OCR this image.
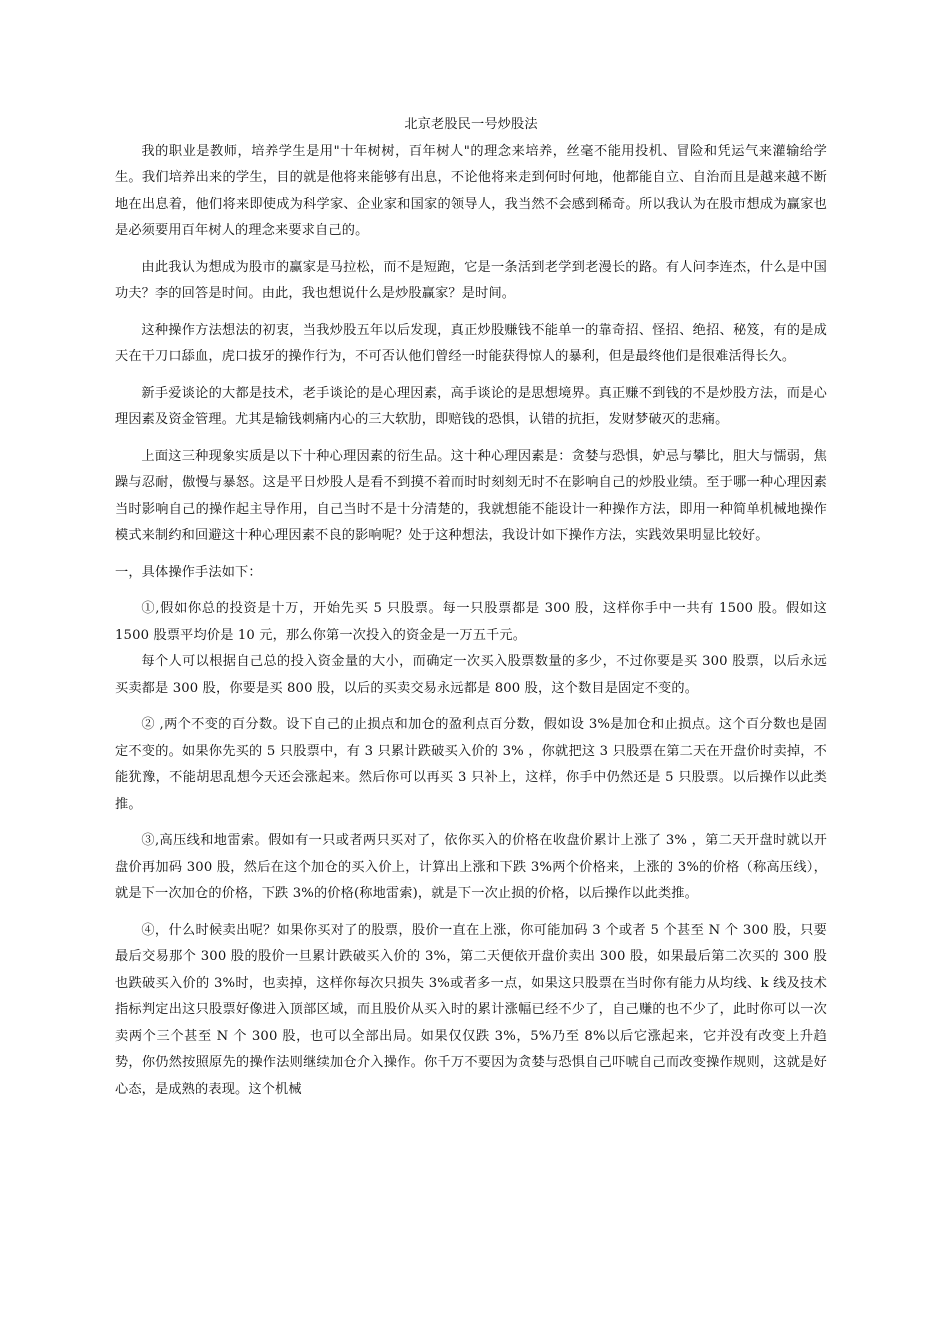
北京老股民一号炒股法

我的职业是教师，培养学生是用"十年树树，百年树人"的理念来培养，丝毫不能用投机、冒险和凭运气来灌输给学生。我们培养出来的学生，目的就是他将来能够有出息，不论他将来走到何时何地，他都能自立、自治而且是越来越不断地在出息着，他们将来即使成为科学家、企业家和国家的领导人，我当然不会感到稀奇。所以我认为在股市想成为赢家也是必须要用百年树人的理念来要求自己的。

由此我认为想成为股市的赢家是马拉松，而不是短跑，它是一条活到老学到老漫长的路。有人问李连杰，什么是中国功夫？李的回答是时间。由此，我也想说什么是炒股赢家？是时间。

这种操作方法想法的初衷，当我炒股五年以后发现，真正炒股赚钱不能单一的靠奇招、怪招、绝招、秘笈，有的是成天在干刀口舔血，虎口拔牙的操作行为，不可否认他们曾经一时能获得惊人的暴利，但是最终他们是很难活得长久。

新手爱谈论的大都是技术，老手谈论的是心理因素，高手谈论的是思想境界。真正赚不到钱的不是炒股方法，而是心理因素及资金管理。尤其是输钱刺痛内心的三大软肋，即赔钱的恐惧，认错的抗拒，发财梦破灭的悲痛。

上面这三种现象实质是以下十种心理因素的衍生品。这十种心理因素是：贪婪与恐惧，妒忌与攀比，胆大与懦弱，焦躁与忍耐，傲慢与暴怒。这是平日炒股人是看不到摸不着而时时刻刻无时不在影响自己的炒股业绩。至于哪一种心理因素当时影响自己的操作起主导作用，自己当时不是十分清楚的，我就想能不能设计一种操作方法，即用一种简单机械地操作模式来制约和回避这十种心理因素不良的影响呢？处于这种想法，我设计如下操作方法，实践效果明显比较好。

一，具体操作手法如下：

①,假如你总的投资是十万，开始先买 5 只股票。每一只股票都是 300 股，这样你手中一共有 1500 股。假如这 1500 股票平均价是 10 元，那么你第一次投入的资金是一万五千元。

每个人可以根据自己总的投入资金量的大小，而确定一次买入股票数量的多少，不过你要是买 300 股票，以后永远买卖都是 300 股，你要是买 800 股，以后的买卖交易永远都是 800 股，这个数目是固定不变的。

② ,两个不变的百分数。设下自己的止损点和加仓的盈利点百分数，假如设 3%是加仓和止损点。这个百分数也是固定不变的。如果你先买的 5 只股票中，有 3 只累计跌破买入价的 3% ，你就把这 3 只股票在第二天在开盘价时卖掉，不能犹豫，不能胡思乱想今天还会涨起来。然后你可以再买 3 只补上，这样，你手中仍然还是 5 只股票。以后操作以此类推。

③,高压线和地雷索。假如有一只或者两只买对了，依你买入的价格在收盘价累计上涨了 3% ，第二天开盘时就以开盘价再加码 300 股，然后在这个加仓的买入价上，计算出上涨和下跌 3%两个价格来，上涨的 3%的价格（称高压线），就是下一次加仓的价格，下跌 3%的价格(称地雷索)，就是下一次止损的价格，以后操作以此类推。

④，什么时候卖出呢？如果你买对了的股票，股价一直在上涨，你可能加码 3 个或者 5 个甚至 N 个 300 股，只要最后交易那个 300 股的股价一旦累计跌破买入价的 3%，第二天便依开盘价卖出 300 股，如果最后第二次买的 300 股也跌破买入价的 3%时，也卖掉，这样你每次只损失 3%或者多一点，如果这只股票在当时你有能力从均线、k 线及技术指标判定出这只股票好像进入顶部区域，而且股价从买入时的累计涨幅已经不少了，自己赚的也不少了，此时你可以一次卖两个三个甚至 N 个 300 股，也可以全部出局。如果仅仅跌 3%，5%乃至 8%以后它涨起来，它并没有改变上升趋势，你仍然按照原先的操作法则继续加仓介入操作。你千万不要因为贪婪与恐惧自己吓唬自己而改变操作规则，这就是好心态，是成熟的表现。这个机械
